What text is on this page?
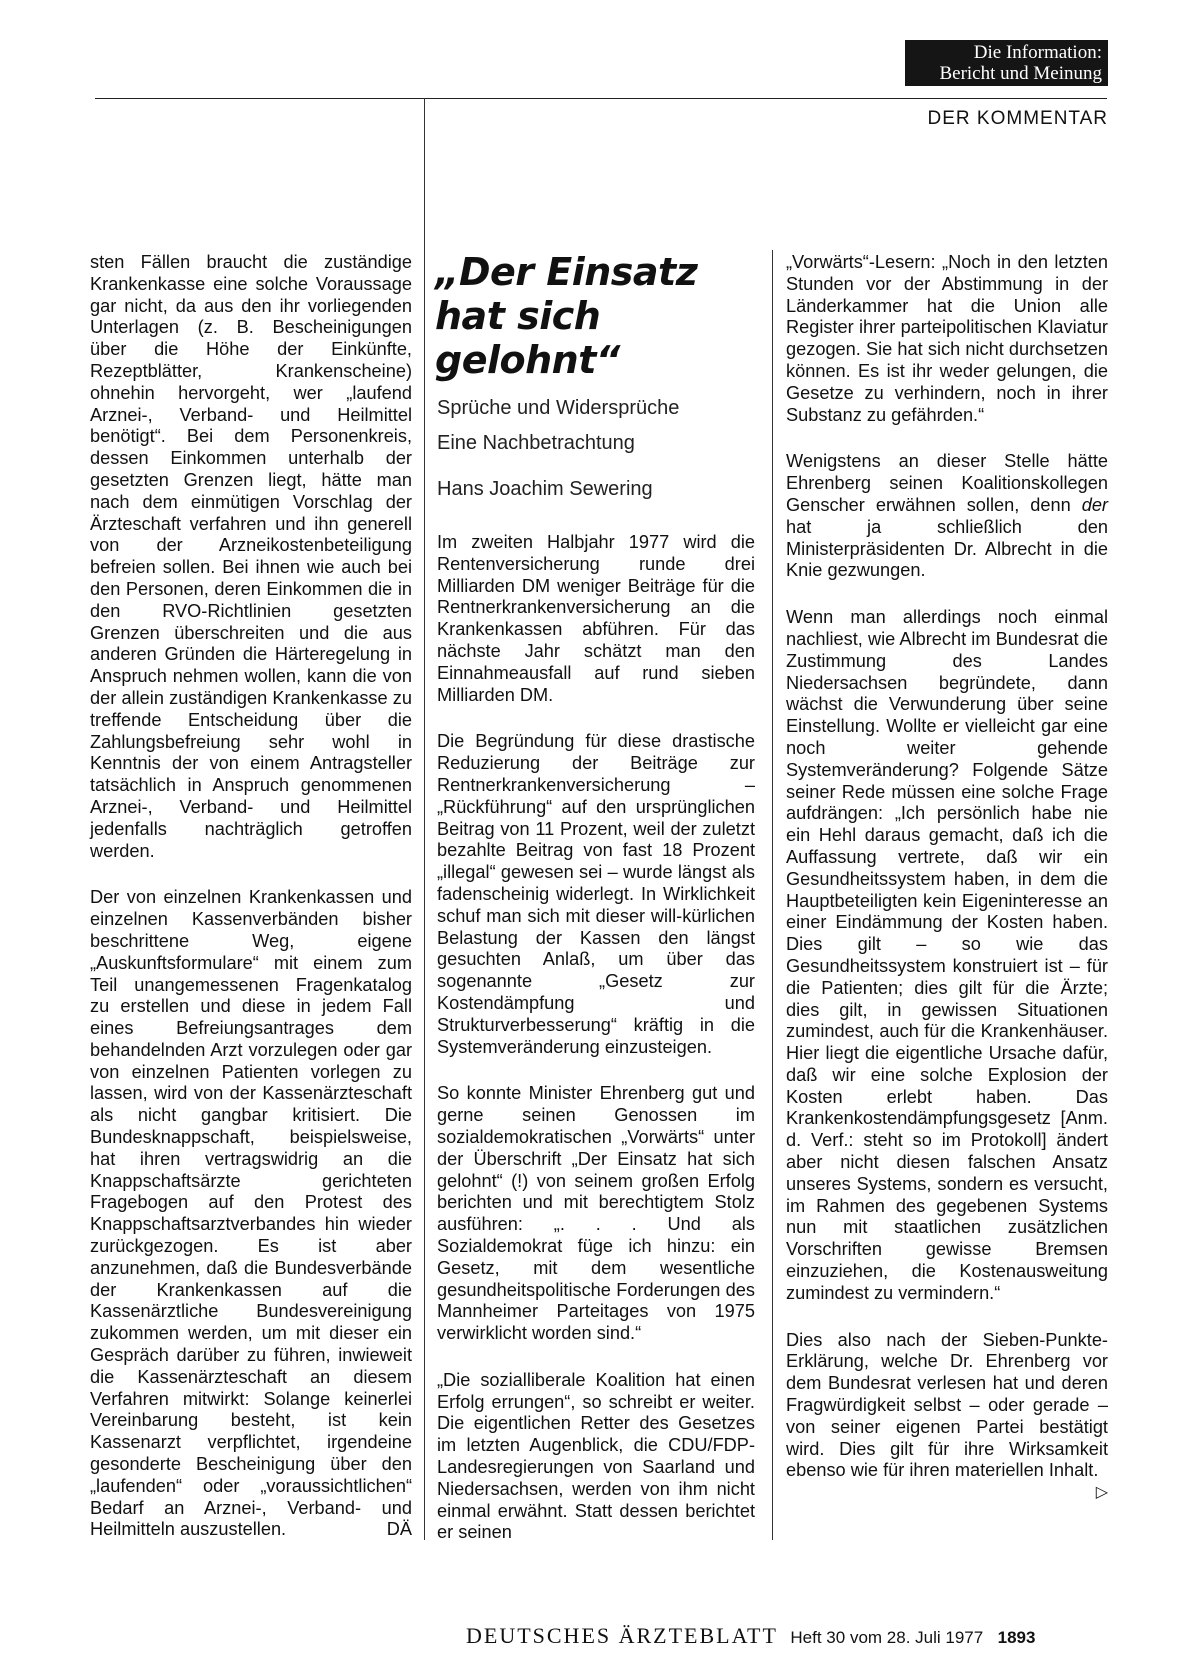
Die Information:
Bericht und Meinung
DER KOMMENTAR

sten Fällen braucht die zuständige Krankenkasse eine solche Voraussage gar nicht, da aus den ihr vorliegenden Unterlagen (z. B. Bescheinigungen über die Höhe der Einkünfte, Rezeptblätter, Krankenscheine) ohnehin hervorgeht, wer „laufend Arznei-, Verband- und Heilmittel benötigt“. Bei dem Personenkreis, dessen Einkommen unterhalb der gesetzten Grenzen liegt, hätte man nach dem einmütigen Vorschlag der Ärzteschaft verfahren und ihn generell von der Arzneikostenbeteiligung befreien sollen. Bei ihnen wie auch bei den Personen, deren Einkommen die in den RVO-Richtlinien gesetzten Grenzen überschreiten und die aus anderen Gründen die Härteregelung in Anspruch nehmen wollen, kann die von der allein zuständigen Krankenkasse zu treffende Entscheidung über die Zahlungsbefreiung sehr wohl in Kenntnis der von einem Antragsteller tatsächlich in Anspruch genommenen Arznei-, Verband- und Heilmittel jedenfalls nachträglich getroffen werden.

Der von einzelnen Krankenkassen und einzelnen Kassenverbänden bisher beschrittene Weg, eigene „Auskunftsformulare“ mit einem zum Teil unangemessenen Fragenkatalog zu erstellen und diese in jedem Fall eines Befreiungsantrages dem behandelnden Arzt vorzulegen oder gar von einzelnen Patienten vorlegen zu lassen, wird von der Kassenärzteschaft als nicht gangbar kritisiert. Die Bundesknappschaft, beispielsweise, hat ihren vertragswidrig an die Knappschaftsärzte gerichteten Fragebogen auf den Protest des Knappschaftsarztverbandes hin wieder zurückgezogen. Es ist aber anzunehmen, daß die Bundesverbände der Krankenkassen auf die Kassenärztliche Bundesvereinigung zukommen werden, um mit dieser ein Gespräch darüber zu führen, inwieweit die Kassenärzteschaft an diesem Verfahren mitwirkt: Solange keinerlei Vereinbarung besteht, ist kein Kassenarzt verpflichtet, irgendeine gesonderte Bescheinigung über den „laufenden“ oder „voraussichtlichen“ Bedarf an Arznei-, Verband- und Heilmitteln auszustellen.	DÄ

„Der Einsatz hat sich gelohnt“
Sprüche und Widersprüche
Eine Nachbetrachtung
Hans Joachim Sewering

Im zweiten Halbjahr 1977 wird die Rentenversicherung runde drei Milliarden DM weniger Beiträge für die Rentnerkrankenversicherung an die Krankenkassen abführen. Für das nächste Jahr schätzt man den Einnahmeausfall auf rund sieben Milliarden DM.

Die Begründung für diese drastische Reduzierung der Beiträge zur Rentnerkrankenversicherung – „Rückführung“ auf den ursprünglichen Beitrag von 11 Prozent, weil der zuletzt bezahlte Beitrag von fast 18 Prozent „illegal“ gewesen sei – wurde längst als fadenscheinig widerlegt. In Wirklichkeit schuf man sich mit dieser will-kürlichen Belastung der Kassen den längst gesuchten Anlaß, um über das sogenannte „Gesetz zur Kostendämpfung und Strukturverbesserung“ kräftig in die Systemveränderung einzusteigen.

So konnte Minister Ehrenberg gut und gerne seinen Genossen im sozialdemokratischen „Vorwärts“ unter der Überschrift „Der Einsatz hat sich gelohnt“ (!) von seinem großen Erfolg berichten und mit berechtigtem Stolz ausführen: „. . . Und als Sozialdemokrat füge ich hinzu: ein Gesetz, mit dem wesentliche gesundheitspolitische Forderungen des Mannheimer Parteitages von 1975 verwirklicht worden sind.“

„Die sozialliberale Koalition hat einen Erfolg errungen“, so schreibt er weiter. Die eigentlichen Retter des Gesetzes im letzten Augenblick, die CDU/FDP-Landesregierungen von Saarland und Niedersachsen, werden von ihm nicht einmal erwähnt. Statt dessen berichtet er seinen

„Vorwärts“-Lesern: „Noch in den letzten Stunden vor der Abstimmung in der Länderkammer hat die Union alle Register ihrer parteipolitischen Klaviatur gezogen. Sie hat sich nicht durchsetzen können. Es ist ihr weder gelungen, die Gesetze zu verhindern, noch in ihrer Substanz zu gefährden.“

Wenigstens an dieser Stelle hätte Ehrenberg seinen Koalitionskollegen Genscher erwähnen sollen, denn der hat ja schließlich den Ministerpräsidenten Dr. Albrecht in die Knie gezwungen.

Wenn man allerdings noch einmal nachliest, wie Albrecht im Bundesrat die Zustimmung des Landes Niedersachsen begründete, dann wächst die Verwunderung über seine Einstellung. Wollte er vielleicht gar eine noch weiter gehende Systemveränderung? Folgende Sätze seiner Rede müssen eine solche Frage aufdrängen: „Ich persönlich habe nie ein Hehl daraus gemacht, daß ich die Auffassung vertrete, daß wir ein Gesundheitssystem haben, in dem die Hauptbeteiligten kein Eigeninteresse an einer Eindämmung der Kosten haben. Dies gilt – so wie das Gesundheitssystem konstruiert ist – für die Patienten; dies gilt für die Ärzte; dies gilt, in gewissen Situationen zumindest, auch für die Krankenhäuser. Hier liegt die eigentliche Ursache dafür, daß wir eine solche Explosion der Kosten erlebt haben. Das Krankenkostendämpfungsgesetz [Anm. d. Verf.: steht so im Protokoll] ändert aber nicht diesen falschen Ansatz unseres Systems, sondern es versucht, im Rahmen des gegebenen Systems nun mit staatlichen zusätzlichen Vorschriften gewisse Bremsen einzuziehen, die Kostenausweitung zumindest zu vermindern.“

Dies also nach der Sieben-Punkte-Erklärung, welche Dr. Ehrenberg vor dem Bundesrat verlesen hat und deren Fragwürdigkeit selbst – oder gerade – von seiner eigenen Partei bestätigt wird. Dies gilt für ihre Wirksamkeit ebenso wie für ihren materiellen Inhalt.
▷

DEUTSCHES ÄRZTEBLATT Heft 30 vom 28. Juli 1977 1893
